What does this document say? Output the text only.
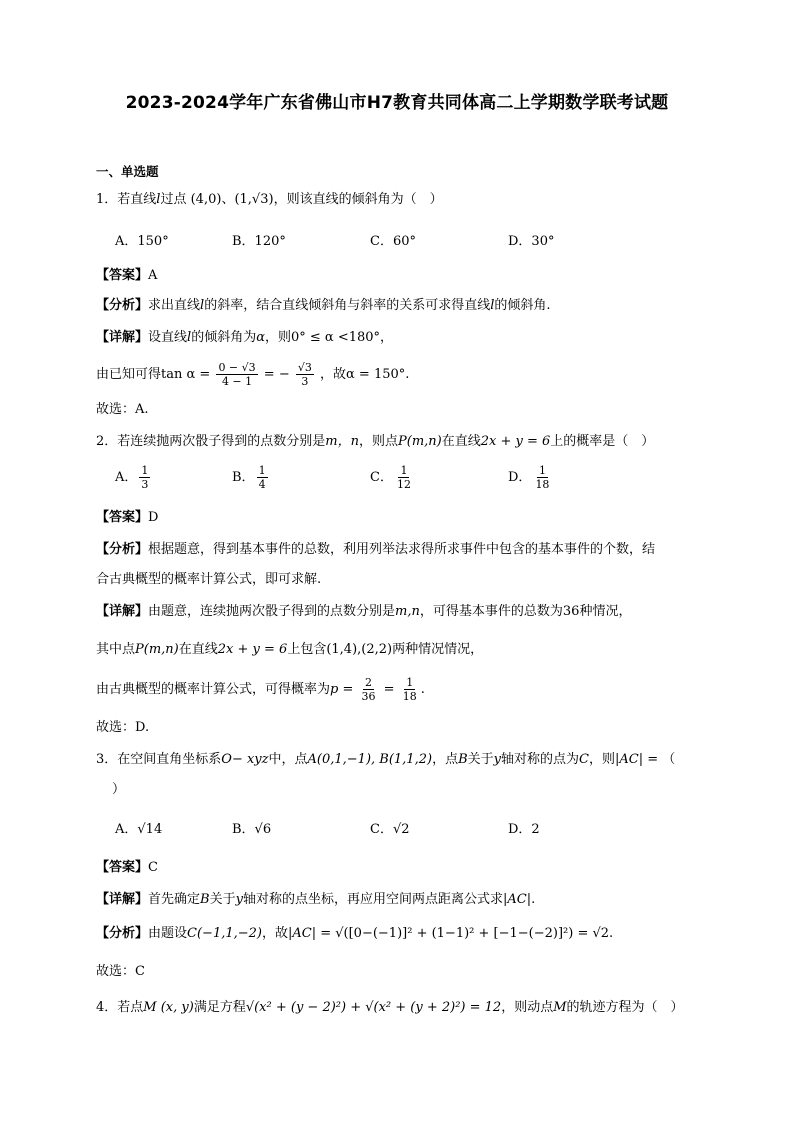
2023-2024学年广东省佛山市H7教育共同体高二上学期数学联考试题
一、单选题
1．若直线l过点 (4,0)、(1,√3)，则该直线的倾斜角为（　）
A．150°	B．120°	C．60°	D．30°
【答案】A
【分析】求出直线l的斜率，结合直线倾斜角与斜率的关系可求得直线l的倾斜角.
【详解】设直线l的倾斜角为α，则0° ≤ α <180°，
由已知可得$\tan \alpha = \frac{0 - √3}{4 - 1}$ = − $\frac{√3}{3}$ ，故α = 150°.
故选：A.
2．若连续抛两次骰子得到的点数分别是m，n，则点P(m,n)在直线2x + y = 6上的概率是（　）
A． $\frac{1}{3}$	B． $\frac{1}{4}$	C． $\frac{1}{12}$	D． $\frac{1}{18}$
【答案】D
【分析】根据题意，得到基本事件的总数，利用列举法求得所求事件中包含的基本事件的个数，结
合古典概型的概率计算公式，即可求解.
【详解】由题意，连续抛两次骰子得到的点数分别是m,n，可得基本事件的总数为36种情况，
其中点P(m,n)在直线2x + y = 6上包含(1,4),(2,2)两种情况情况，
由古典概型的概率计算公式，可得概率为$p = \frac{2}{36} = \frac{1}{18}$ .
故选：D.
3．在空间直角坐标系O− xyz中，点A(0,1,−1), B(1,1,2)，点B关于y轴对称的点为C，则|AC| = （
）
A．√14	B．√6	C．√2	D．2
【答案】C
【详解】首先确定B关于y轴对称的点坐标，再应用空间两点距离公式求|AC|.
【分析】由题设C(−1,1,−2)，故|AC| = √([0−(−1)]² + (1−1)² + [−1−(−2)]²) = √2.
故选：C
4．若点M (x, y)满足方程√(x² + (y − 2)²) + √(x² + (y + 2)²) = 12，则动点M的轨迹方程为（　）
